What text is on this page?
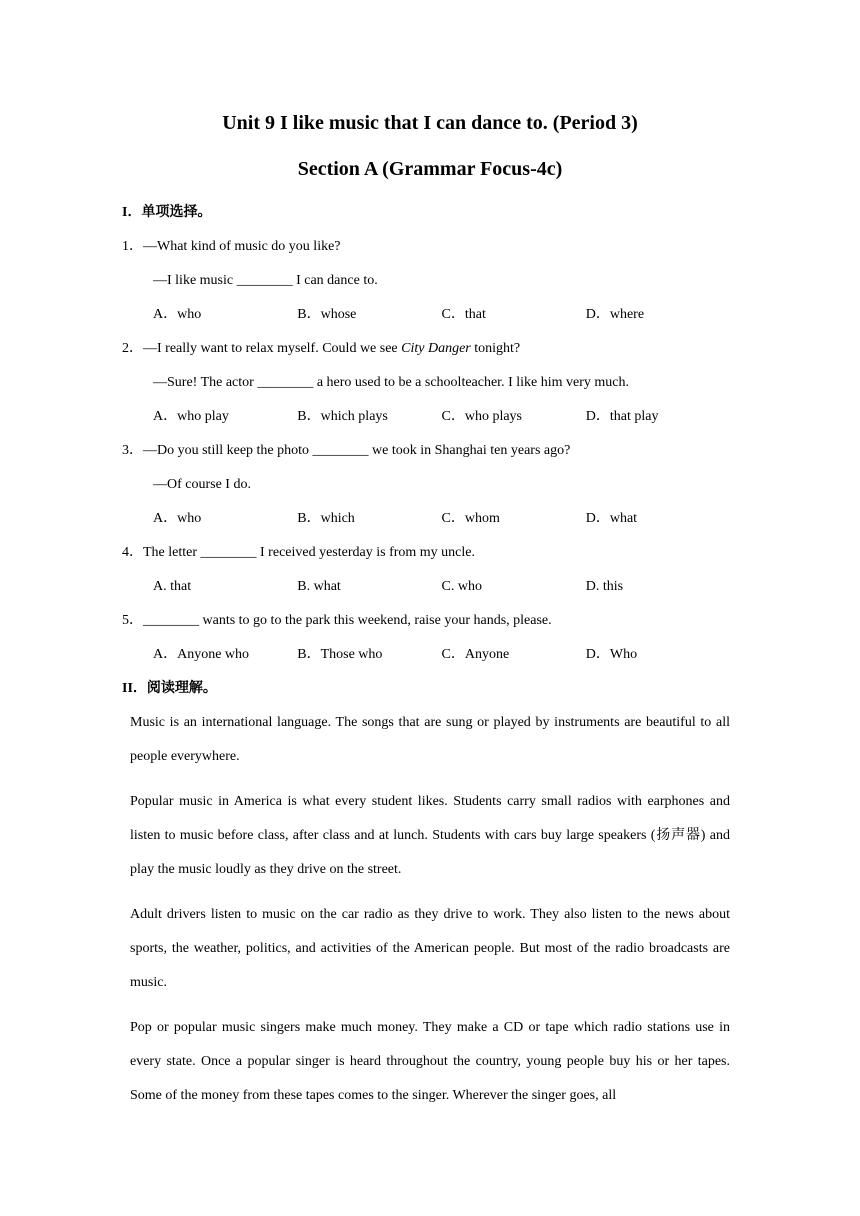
Unit 9 I like music that I can dance to. (Period 3)
Section A (Grammar Focus-4c)
I．单项选择。
1．—What kind of music do you like?
—I like music ________ I can dance to.
A．who	B．whose	C．that	D．where
2．—I really want to relax myself. Could we see City Danger tonight?
—Sure! The actor ________ a hero used to be a schoolteacher. I like him very much.
A．who play	B．which plays	C．who plays	D．that play
3．—Do you still keep the photo ________ we took in Shanghai ten years ago?
—Of course I do.
A．who	B．which	C．whom	D．what
4．The letter ________ I received yesterday is from my uncle.
A. that	B. what	C. who	D. this
5．________ wants to go to the park this weekend, raise your hands, please.
A．Anyone who	B．Those who	C．Anyone	D．Who
II．阅读理解。

Music is an international language. The songs that are sung or played by instruments are beautiful to all people everywhere.

Popular music in America is what every student likes. Students carry small radios with earphones and listen to music before class, after class and at lunch. Students with cars buy large speakers (扬声器) and play the music loudly as they drive on the street.

Adult drivers listen to music on the car radio as they drive to work. They also listen to the news about sports, the weather, politics, and activities of the American people. But most of the radio broadcasts are music.

Pop or popular music singers make much money. They make a CD or tape which radio stations use in every state. Once a popular singer is heard throughout the country, young people buy his or her tapes. Some of the money from these tapes comes to the singer. Wherever the singer goes, all
